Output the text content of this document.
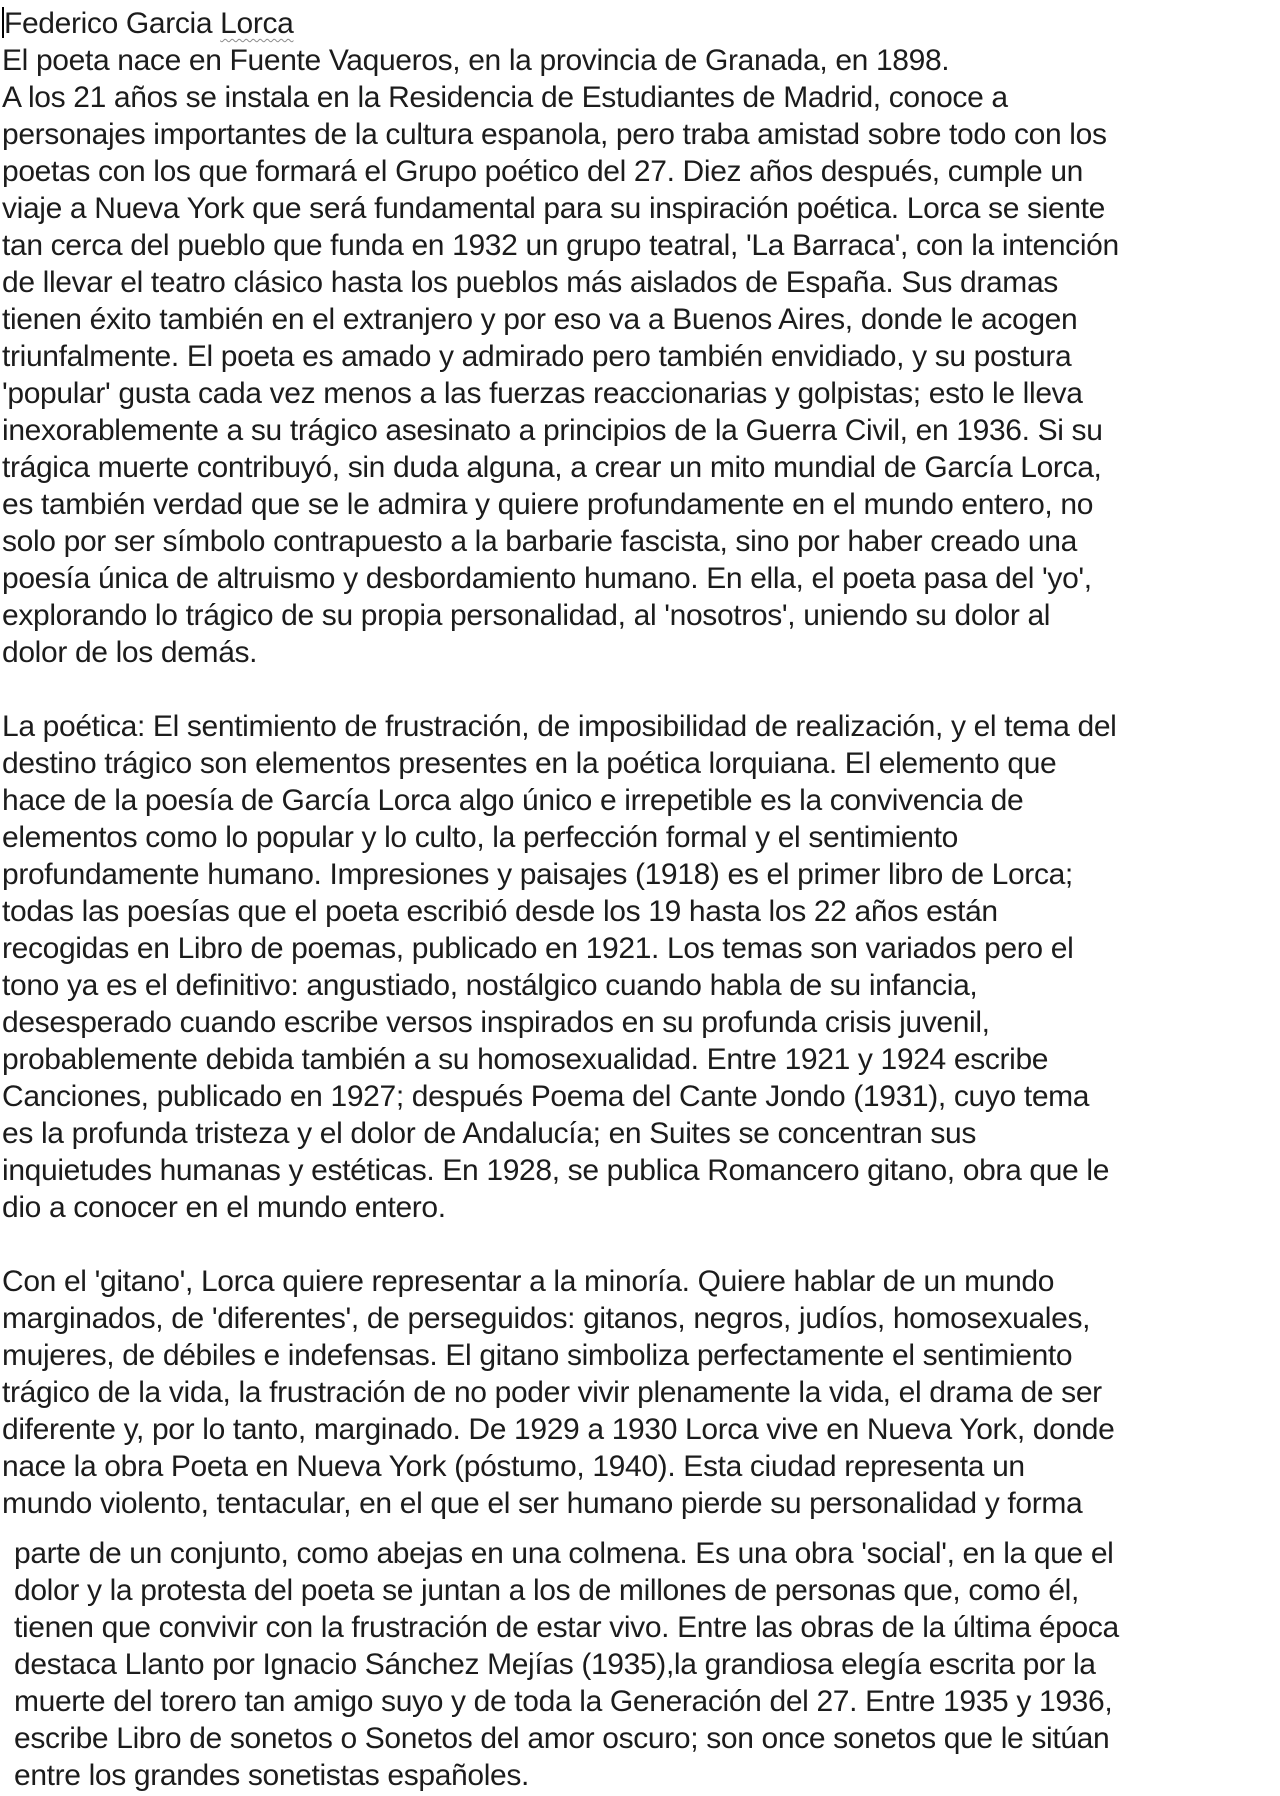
Federico Garcia Lorca
El poeta nace en Fuente Vaqueros, en la provincia de Granada, en 1898.
A los 21 años se instala en la Residencia de Estudiantes de Madrid, conoce a
personajes importantes de la cultura espanola, pero traba amistad sobre todo con los
poetas con los que formará el Grupo poético del 27. Diez años después, cumple un
viaje a Nueva York que será fundamental para su inspiración poética. Lorca se siente
tan cerca del pueblo que funda en 1932 un grupo teatral, 'La Barraca', con la intención
de llevar el teatro clásico hasta los pueblos más aislados de España. Sus dramas
tienen éxito también en el extranjero y por eso va a Buenos Aires, donde le acogen
triunfalmente. El poeta es amado y admirado pero también envidiado, y su postura
'popular' gusta cada vez menos a las fuerzas reaccionarias y golpistas; esto le lleva
inexorablemente a su trágico asesinato a principios de la Guerra Civil, en 1936. Si su
trágica muerte contribuyó, sin duda alguna, a crear un mito mundial de García Lorca,
es también verdad que se le admira y quiere profundamente en el mundo entero, no
solo por ser símbolo contrapuesto a la barbarie fascista, sino por haber creado una
poesía única de altruismo y desbordamiento humano. En ella, el poeta pasa del 'yo',
explorando lo trágico de su propia personalidad, al 'nosotros', uniendo su dolor al
dolor de los demás.
La poética: El sentimiento de frustración, de imposibilidad de realización, y el tema del
destino trágico son elementos presentes en la poética lorquiana. El elemento que
hace de la poesía de García Lorca algo único e irrepetible es la convivencia de
elementos como lo popular y lo culto, la perfección formal y el sentimiento
profundamente humano. Impresiones y paisajes (1918) es el primer libro de Lorca;
todas las poesías que el poeta escribió desde los 19 hasta los 22 años están
recogidas en Libro de poemas, publicado en 1921. Los temas son variados pero el
tono ya es el definitivo: angustiado, nostálgico cuando habla de su infancia,
desesperado cuando escribe versos inspirados en su profunda crisis juvenil,
probablemente debida también a su homosexualidad. Entre 1921 y 1924 escribe
Canciones, publicado en 1927; después Poema del Cante Jondo (1931), cuyo tema
es la profunda tristeza y el dolor de Andalucía; en Suites se concentran sus
inquietudes humanas y estéticas. En 1928, se publica Romancero gitano, obra que le
dio a conocer en el mundo entero.
Con el 'gitano', Lorca quiere representar a la minoría. Quiere hablar de un mundo
marginados, de 'diferentes', de perseguidos: gitanos, negros, judíos, homosexuales,
mujeres, de débiles e indefensas. El gitano simboliza perfectamente el sentimiento
trágico de la vida, la frustración de no poder vivir plenamente la vida, el drama de ser
diferente y, por lo tanto, marginado. De 1929 a 1930 Lorca vive en Nueva York, donde
nace la obra Poeta en Nueva York (póstumo, 1940). Esta ciudad representa un
mundo violento, tentacular, en el que el ser humano pierde su personalidad y forma
parte de un conjunto, como abejas en una colmena. Es una obra 'social', en la que el
dolor y la protesta del poeta se juntan a los de millones de personas que, como él,
tienen que convivir con la frustración de estar vivo. Entre las obras de la última época
destaca Llanto por Ignacio Sánchez Mejías (1935),la grandiosa elegía escrita por la
muerte del torero tan amigo suyo y de toda la Generación del 27. Entre 1935 y 1936,
escribe Libro de sonetos o Sonetos del amor oscuro; son once sonetos que le sitúan
entre los grandes sonetistas españoles.
